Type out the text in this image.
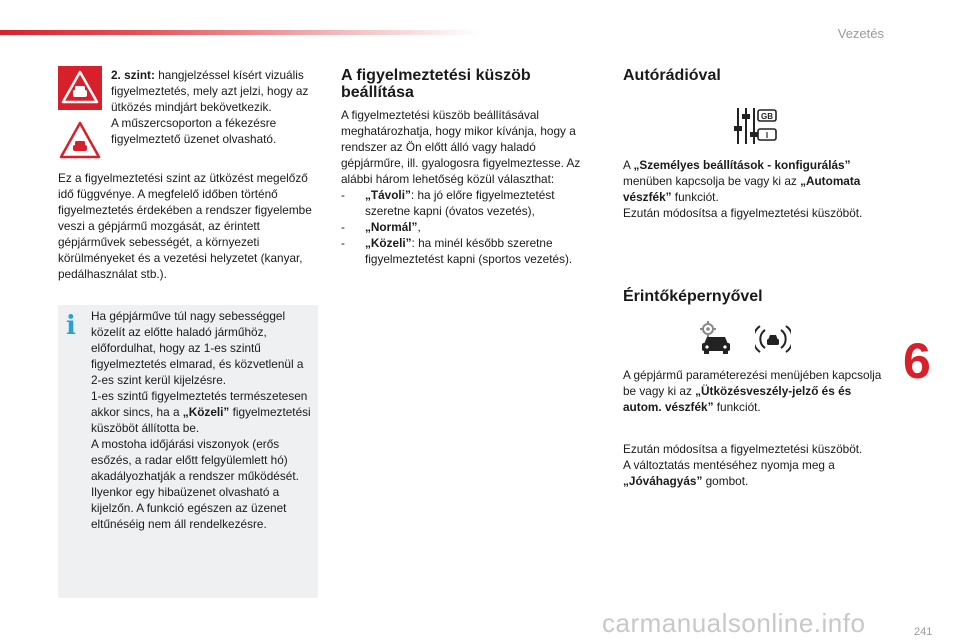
Vezetés
6

2. szint: hangjelzéssel kísért vizuális figyelmeztetés, mely azt jelzi, hogy az ütközés mindjárt bekövetkezik.

A műszercsoporton a fékezésre figyelmeztető üzenet olvasható.

Ez a figyelmeztetési szint az ütközést megelőző idő függvénye. A megfelelő időben történő figyelmeztetés érdekében a rendszer figyelembe veszi a gépjármű mozgását, az érintett gépjárművek sebességét, a környezeti körülményeket és a vezetési helyzetet (kanyar, pedálhasználat stb.).
i Ha gépjárműve túl nagy sebességgel közelít az előtte haladó járműhöz, előfordulhat, hogy az 1-es szintű figyelmeztetés elmarad, és közvetlenül a 2-es szint kerül kijelzésre.

1-es szintű figyelmeztetés természetesen akkor sincs, ha a „Közeli” figyelmeztetési küszöböt állította be.

A mostoha időjárási viszonyok (erős esőzés, a radar előtt felgyülemlett hó) akadályozhatják a rendszer működését.

Ilyenkor egy hibaüzenet olvasható a kijelzőn. A funkció egészen az üzenet eltűnéséig nem áll rendelkezésre.

A figyelmeztetési küszöb beállítása

A figyelmeztetési küszöb beállításával meghatározhatja, hogy mikor kívánja, hogy a rendszer az Ön előtt álló vagy haladó gépjárműre, ill. gyalogosra figyelmeztesse. Az alábbi három lehetőség közül választhat:

- „Távoli”: ha jó előre figyelmeztetést szeretne kapni (óvatos vezetés),
- „Normál”,
- „Közeli”: ha minél később szeretne figyelmeztetést kapni (sportos vezetés).
Autórádióval
GB
I

A „Személyes beállítások - konfigurálás” menüben kapcsolja be vagy ki az „Automata vészfék” funkciót.

Ezután módosítsa a figyelmeztetési küszöböt.

Érintőképernyővel

A gépjármű paraméterezési menüjében kapcsolja be vagy ki az „Ütközésveszély-jelző és és autom. vészfék” funkciót.

Ezután módosítsa a figyelmeztetési küszöböt.

A változtatás mentéséhez nyomja meg a „Jóváhagyás” gombot.

carmanualsonline.info	241
